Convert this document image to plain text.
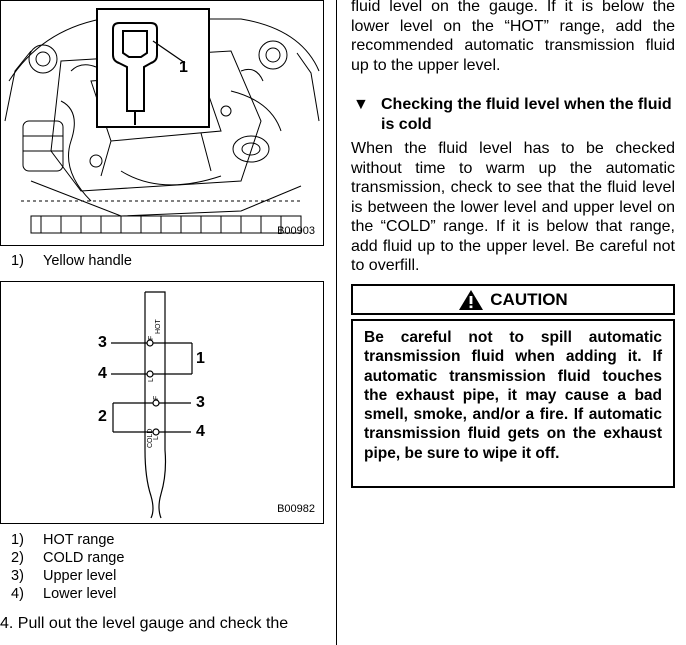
1
B00903
1) Yellow handle
HOT
F
L
F
COLD L
3
4
1
2
3
4
B00982
1) HOT range
2) COLD range
3) Upper level
4) Lower level
4. Pull out the level gauge and check the
fluid level on the gauge. If it is below the lower level on the “HOT” range, add the recommended automatic transmission fluid up to the upper level.
▼ Checking the fluid level when the fluid is cold
When the fluid level has to be checked without time to warm up the automatic transmission, check to see that the fluid level is between the lower level and upper level on the “COLD” range. If it is below that range, add fluid up to the upper level. Be careful not to overfill.
CAUTION
Be careful not to spill automatic transmission fluid when adding it. If automatic transmission fluid touches the exhaust pipe, it may cause a bad smell, smoke, and/or a fire. If automatic transmission fluid gets on the exhaust pipe, be sure to wipe it off.
